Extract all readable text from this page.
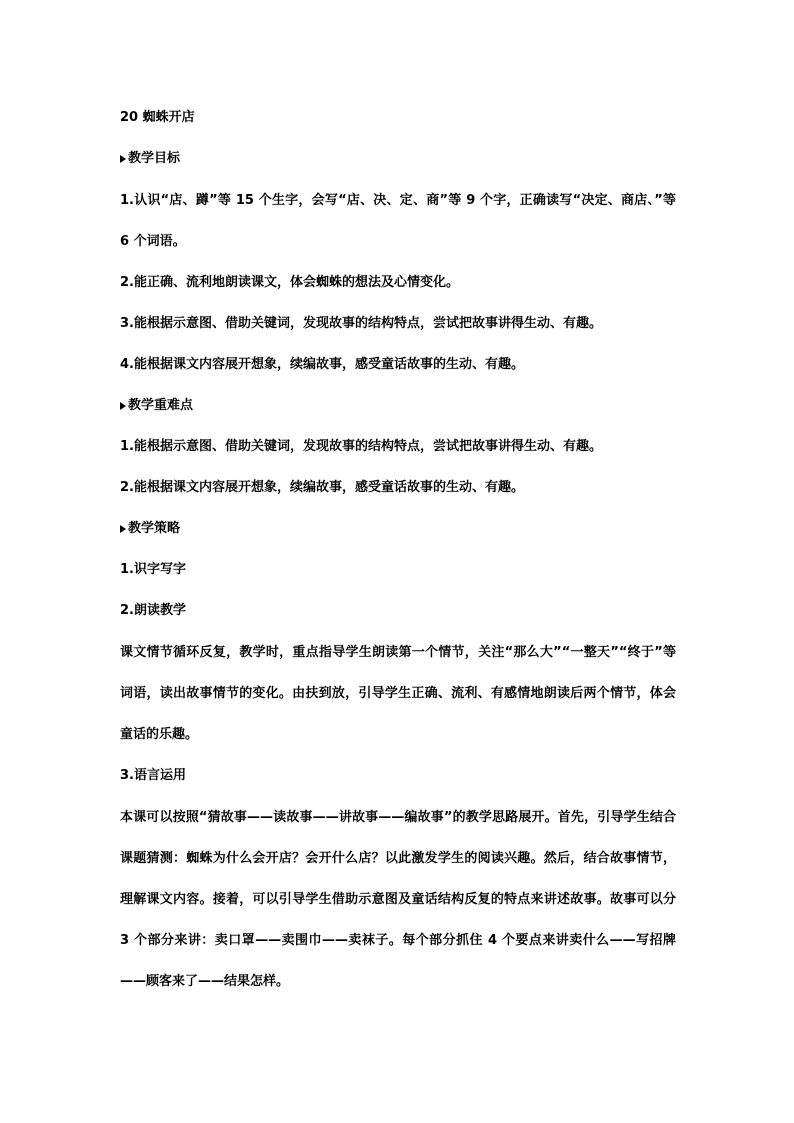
20 蜘蛛开店
教学目标
1.认识“店、蹲”等 15 个生字，会写“店、决、定、商”等 9 个字，正确读写“决定、商店、”等 6 个词语。
2.能正确、流利地朗读课文，体会蜘蛛的想法及心情变化。
3.能根据示意图、借助关键词，发现故事的结构特点，尝试把故事讲得生动、有趣。
4.能根据课文内容展开想象，续编故事，感受童话故事的生动、有趣。
教学重难点
1.能根据示意图、借助关键词，发现故事的结构特点，尝试把故事讲得生动、有趣。
2.能根据课文内容展开想象，续编故事，感受童话故事的生动、有趣。
教学策略
1.识字写字
2.朗读教学
课文情节循环反复，教学时，重点指导学生朗读第一个情节，关注“那么大”“一整天”“终于”等词语，读出故事情节的变化。由扶到放，引导学生正确、流利、有感情地朗读后两个情节，体会童话的乐趣。
3.语言运用
本课可以按照“猜故事——读故事——讲故事——编故事”的教学思路展开。首先，引导学生结合课题猜测：蜘蛛为什么会开店？会开什么店？以此激发学生的阅读兴趣。然后，结合故事情节，理解课文内容。接着，可以引导学生借助示意图及童话结构反复的特点来讲述故事。故事可以分 3 个部分来讲：卖口罩——卖围巾——卖袜子。每个部分抓住 4 个要点来讲卖什么——写招牌——顾客来了——结果怎样。
